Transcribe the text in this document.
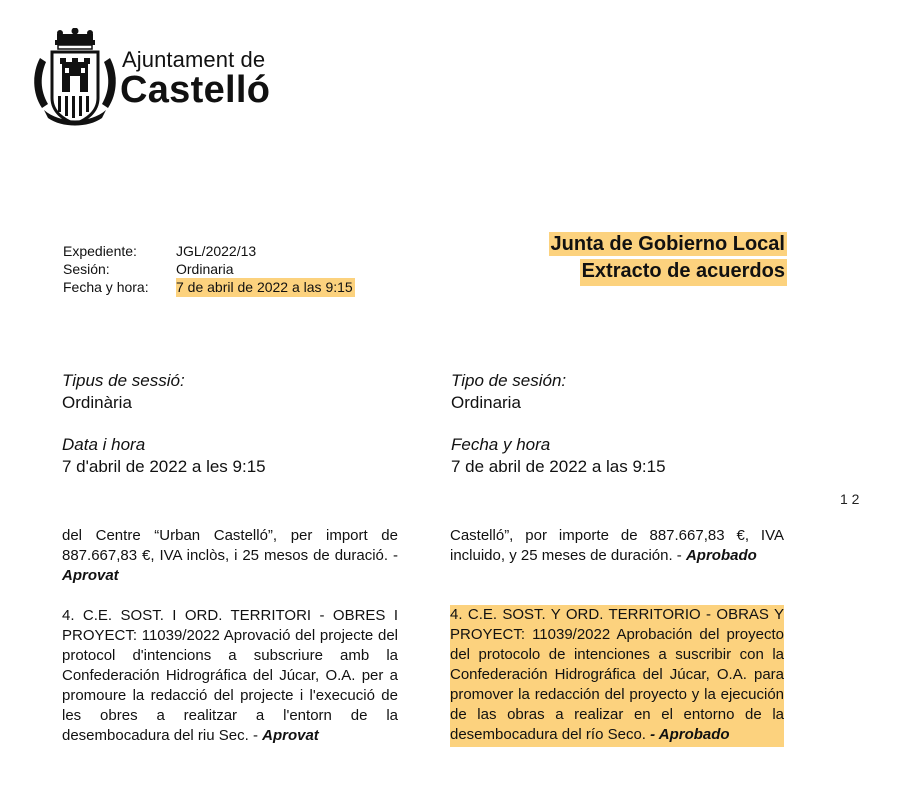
Ajuntament de
Castelló
Expediente:	JGL/2022/13
Sesión:	Ordinaria
Fecha y hora: 7 de abril de 2022 a las 9:15
Junta de Gobierno Local
Extracto de acuerdos
Tipus de sessió:
Ordinària
Data i hora
7 d'abril de 2022 a les 9:15
Tipo de sesión:
Ordinaria
Fecha y hora
7 de abril de 2022 a las 9:15
1 2
del Centre “Urban Castelló”, per import de 887.667,83 €, IVA inclòs, i 25 mesos de duració. - Aprovat
4. C.E. SOST. I ORD. TERRITORI - OBRES I PROYECT: 11039/2022 Aprovació del projecte del protocol d'intencions a subscriure amb la Confederación Hidrográfica del Júcar, O.A. per a promoure la redacció del projecte i l'execució de les obres a realitzar a l'entorn de la desembocadura del riu Sec. - Aprovat
Castelló”, por importe de 887.667,83 €, IVA incluido, y 25 meses de duración. - Aprobado
4. C.E. SOST. Y ORD. TERRITORIO - OBRAS Y PROYECT: 11039/2022 Aprobación del proyecto del protocolo de intenciones a suscribir con la Confederación Hidrográfica del Júcar, O.A. para promover la redacción del proyecto y la ejecución de las obras a realizar en el entorno de la desembocadura del río Seco. - Aprobado
